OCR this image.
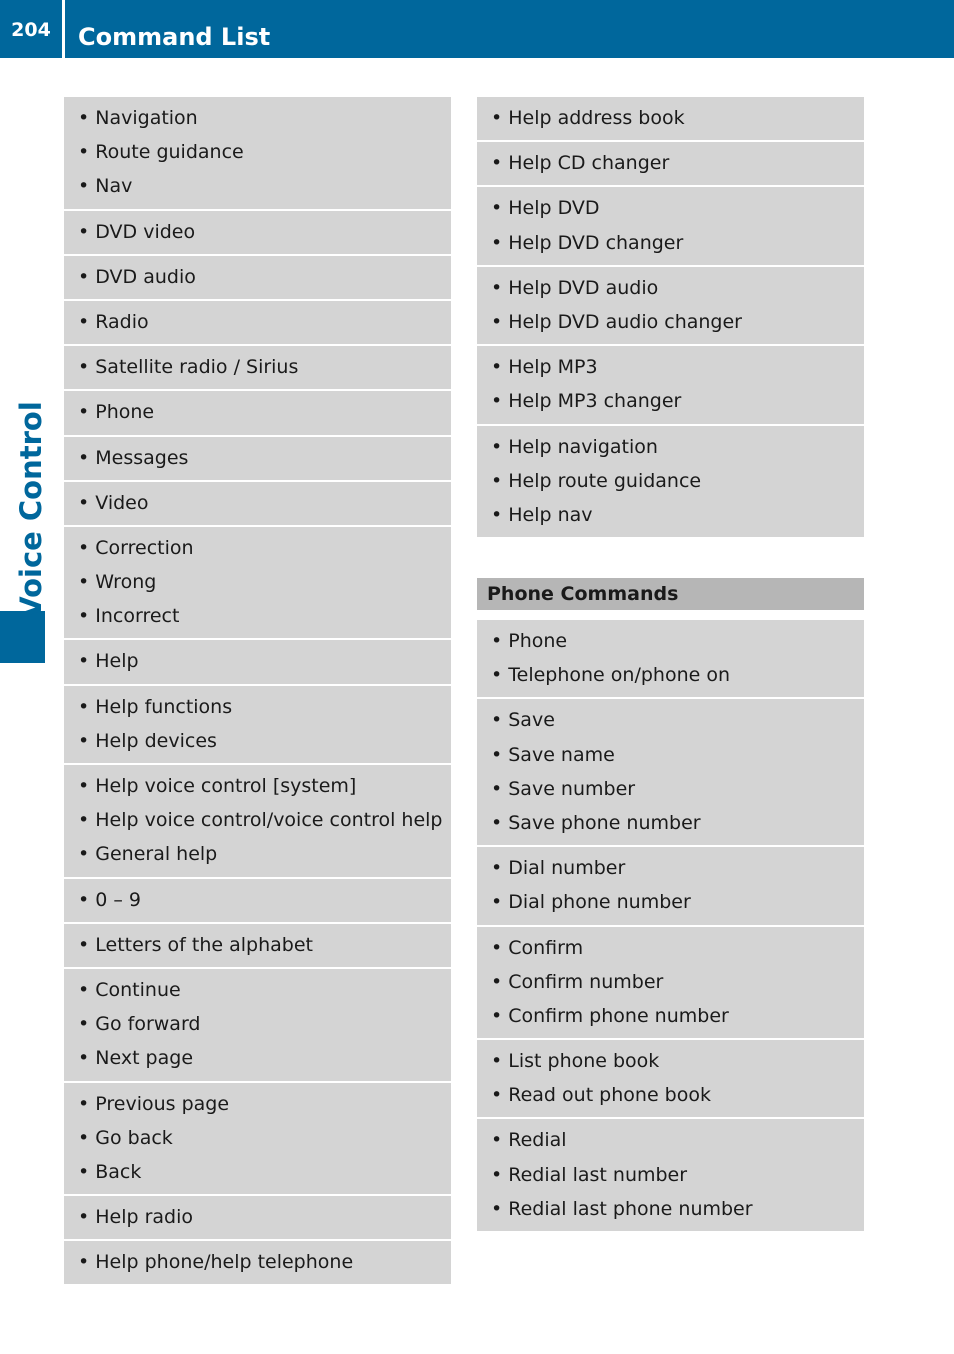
204	Command List
Voice Control
• Navigation
• Route guidance
• Nav
• DVD video
• DVD audio
• Radio
• Satellite radio / Sirius
• Phone
• Messages
• Video
• Correction
• Wrong
• Incorrect
• Help
• Help functions
• Help devices
• Help voice control [system]
• Help voice control/voice control help
• General help
• 0 – 9
• Letters of the alphabet
• Continue
• Go forward
• Next page
• Previous page
• Go back
• Back
• Help radio
• Help phone/help telephone
• Help address book
• Help CD changer
• Help DVD
• Help DVD changer
• Help DVD audio
• Help DVD audio changer
• Help MP3
• Help MP3 changer
• Help navigation
• Help route guidance
• Help nav
Phone Commands
• Phone
• Telephone on/phone on
• Save
• Save name
• Save number
• Save phone number
• Dial number
• Dial phone number
• Confirm
• Confirm number
• Confirm phone number
• List phone book
• Read out phone book
• Redial
• Redial last number
• Redial last phone number
